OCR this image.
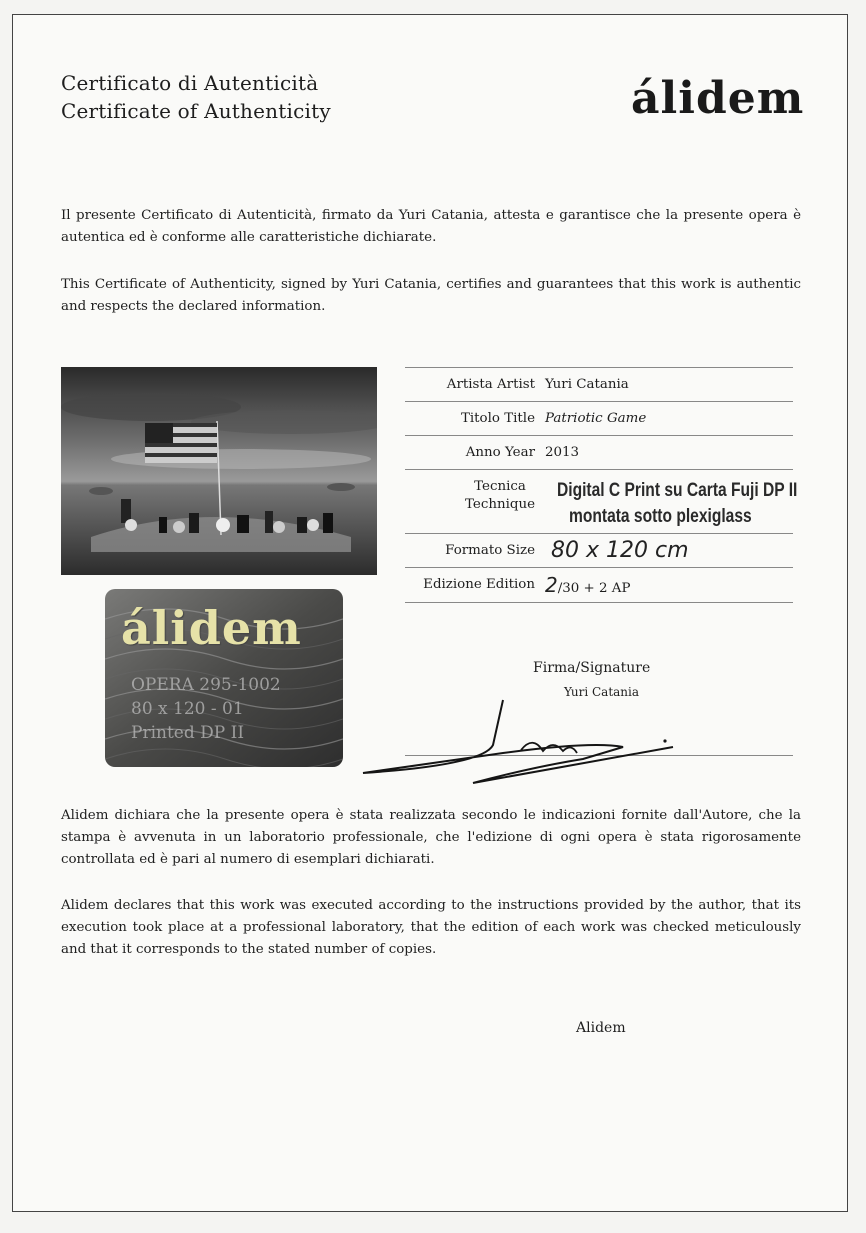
Certificato di Autenticità
Certificate of Authenticity	álidem
Il presente Certificato di Autenticità, firmato da Yuri Catania, attesta e garantisce che la presente opera è autentica ed è conforme alle caratteristiche dichiarate.
This Certificate of Authenticity, signed by Yuri Catania, certifies and guarantees that this work is authentic and respects the declared information.
álidem
OPERA 295-1002
80 x 120 - 01
Printed DP II
Artista Artist Yuri Catania
Titolo Title Patriotic Game
Anno Year 2013
Tecnica
Technique
Digital C Print su Carta Fuji DP II
montata sotto plexiglass
Formato Size 80 x 120 cm
Edizione Edition 2/30 + 2 AP
Firma/Signature
Yuri Catania
Alidem dichiara che la presente opera è stata realizzata secondo le indicazioni fornite dall'Autore, che la stampa è avvenuta in un laboratorio professionale, che l'edizione di ogni opera è stata rigorosamente controllata ed è pari al numero di esemplari dichiarati.
Alidem declares that this work was executed according to the instructions provided by the author, that its execution took place at a professional laboratory, that the edition of each work was checked meticulously and that it corresponds to the stated number of copies.
Alidem
